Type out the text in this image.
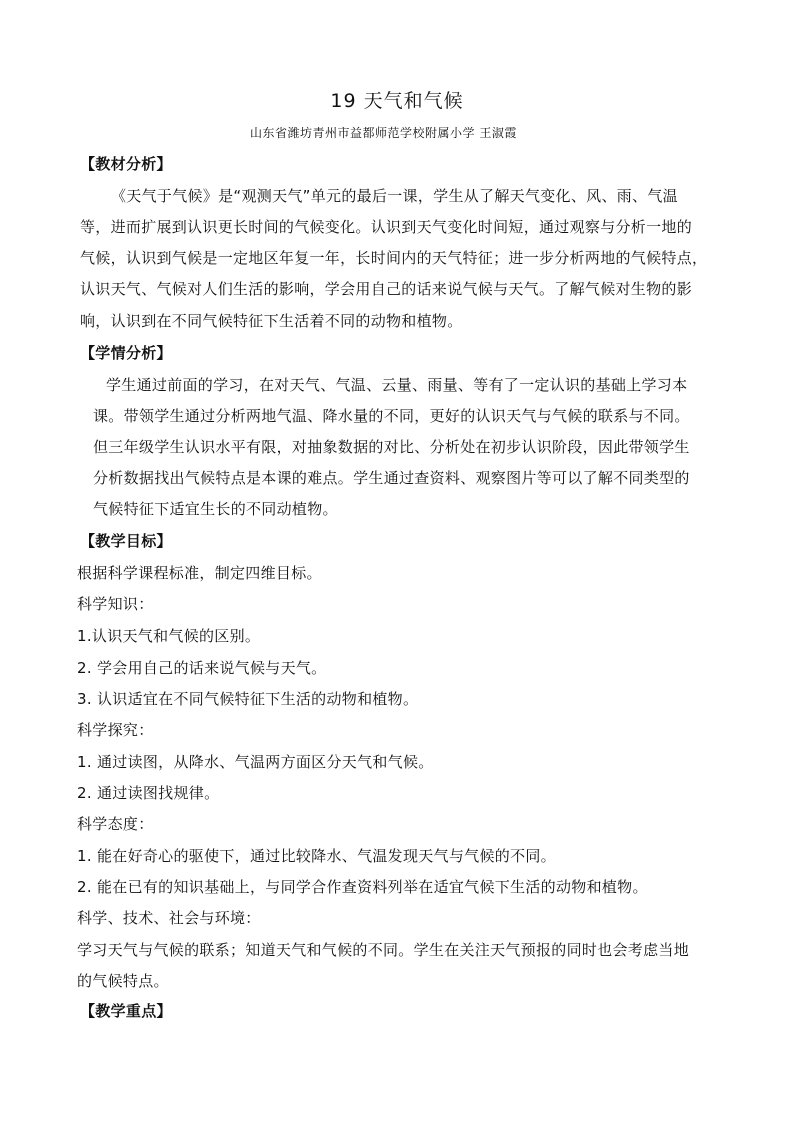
19 天气和气候
山东省潍坊青州市益都师范学校附属小学 王淑霞
【教材分析】
《天气于气候》是“观测天气”单元的最后一课，学生从了解天气变化、风、雨、气温
等，进而扩展到认识更长时间的气候变化。认识到天气变化时间短，通过观察与分析一地的
气候，认识到气候是一定地区年复一年，长时间内的天气特征；进一步分析两地的气候特点，
认识天气、气候对人们生活的影响，学会用自己的话来说气候与天气。了解气候对生物的影
响，认识到在不同气候特征下生活着不同的动物和植物。
【学情分析】
学生通过前面的学习，在对天气、气温、云量、雨量、等有了一定认识的基础上学习本
课。带领学生通过分析两地气温、降水量的不同，更好的认识天气与气候的联系与不同。
但三年级学生认识水平有限，对抽象数据的对比、分析处在初步认识阶段，因此带领学生
分析数据找出气候特点是本课的难点。学生通过查资料、观察图片等可以了解不同类型的
气候特征下适宜生长的不同动植物。
【教学目标】
根据科学课程标准，制定四维目标。
科学知识：
1.认识天气和气候的区别。
2. 学会用自己的话来说气候与天气。
3. 认识适宜在不同气候特征下生活的动物和植物。
科学探究：
1. 通过读图，从降水、气温两方面区分天气和气候。
2. 通过读图找规律。
科学态度：
1. 能在好奇心的驱使下，通过比较降水、气温发现天气与气候的不同。
2. 能在已有的知识基础上，与同学合作查资料列举在适宜气候下生活的动物和植物。
科学、技术、社会与环境：
学习天气与气候的联系；知道天气和气候的不同。学生在关注天气预报的同时也会考虑当地
的气候特点。
【教学重点】
